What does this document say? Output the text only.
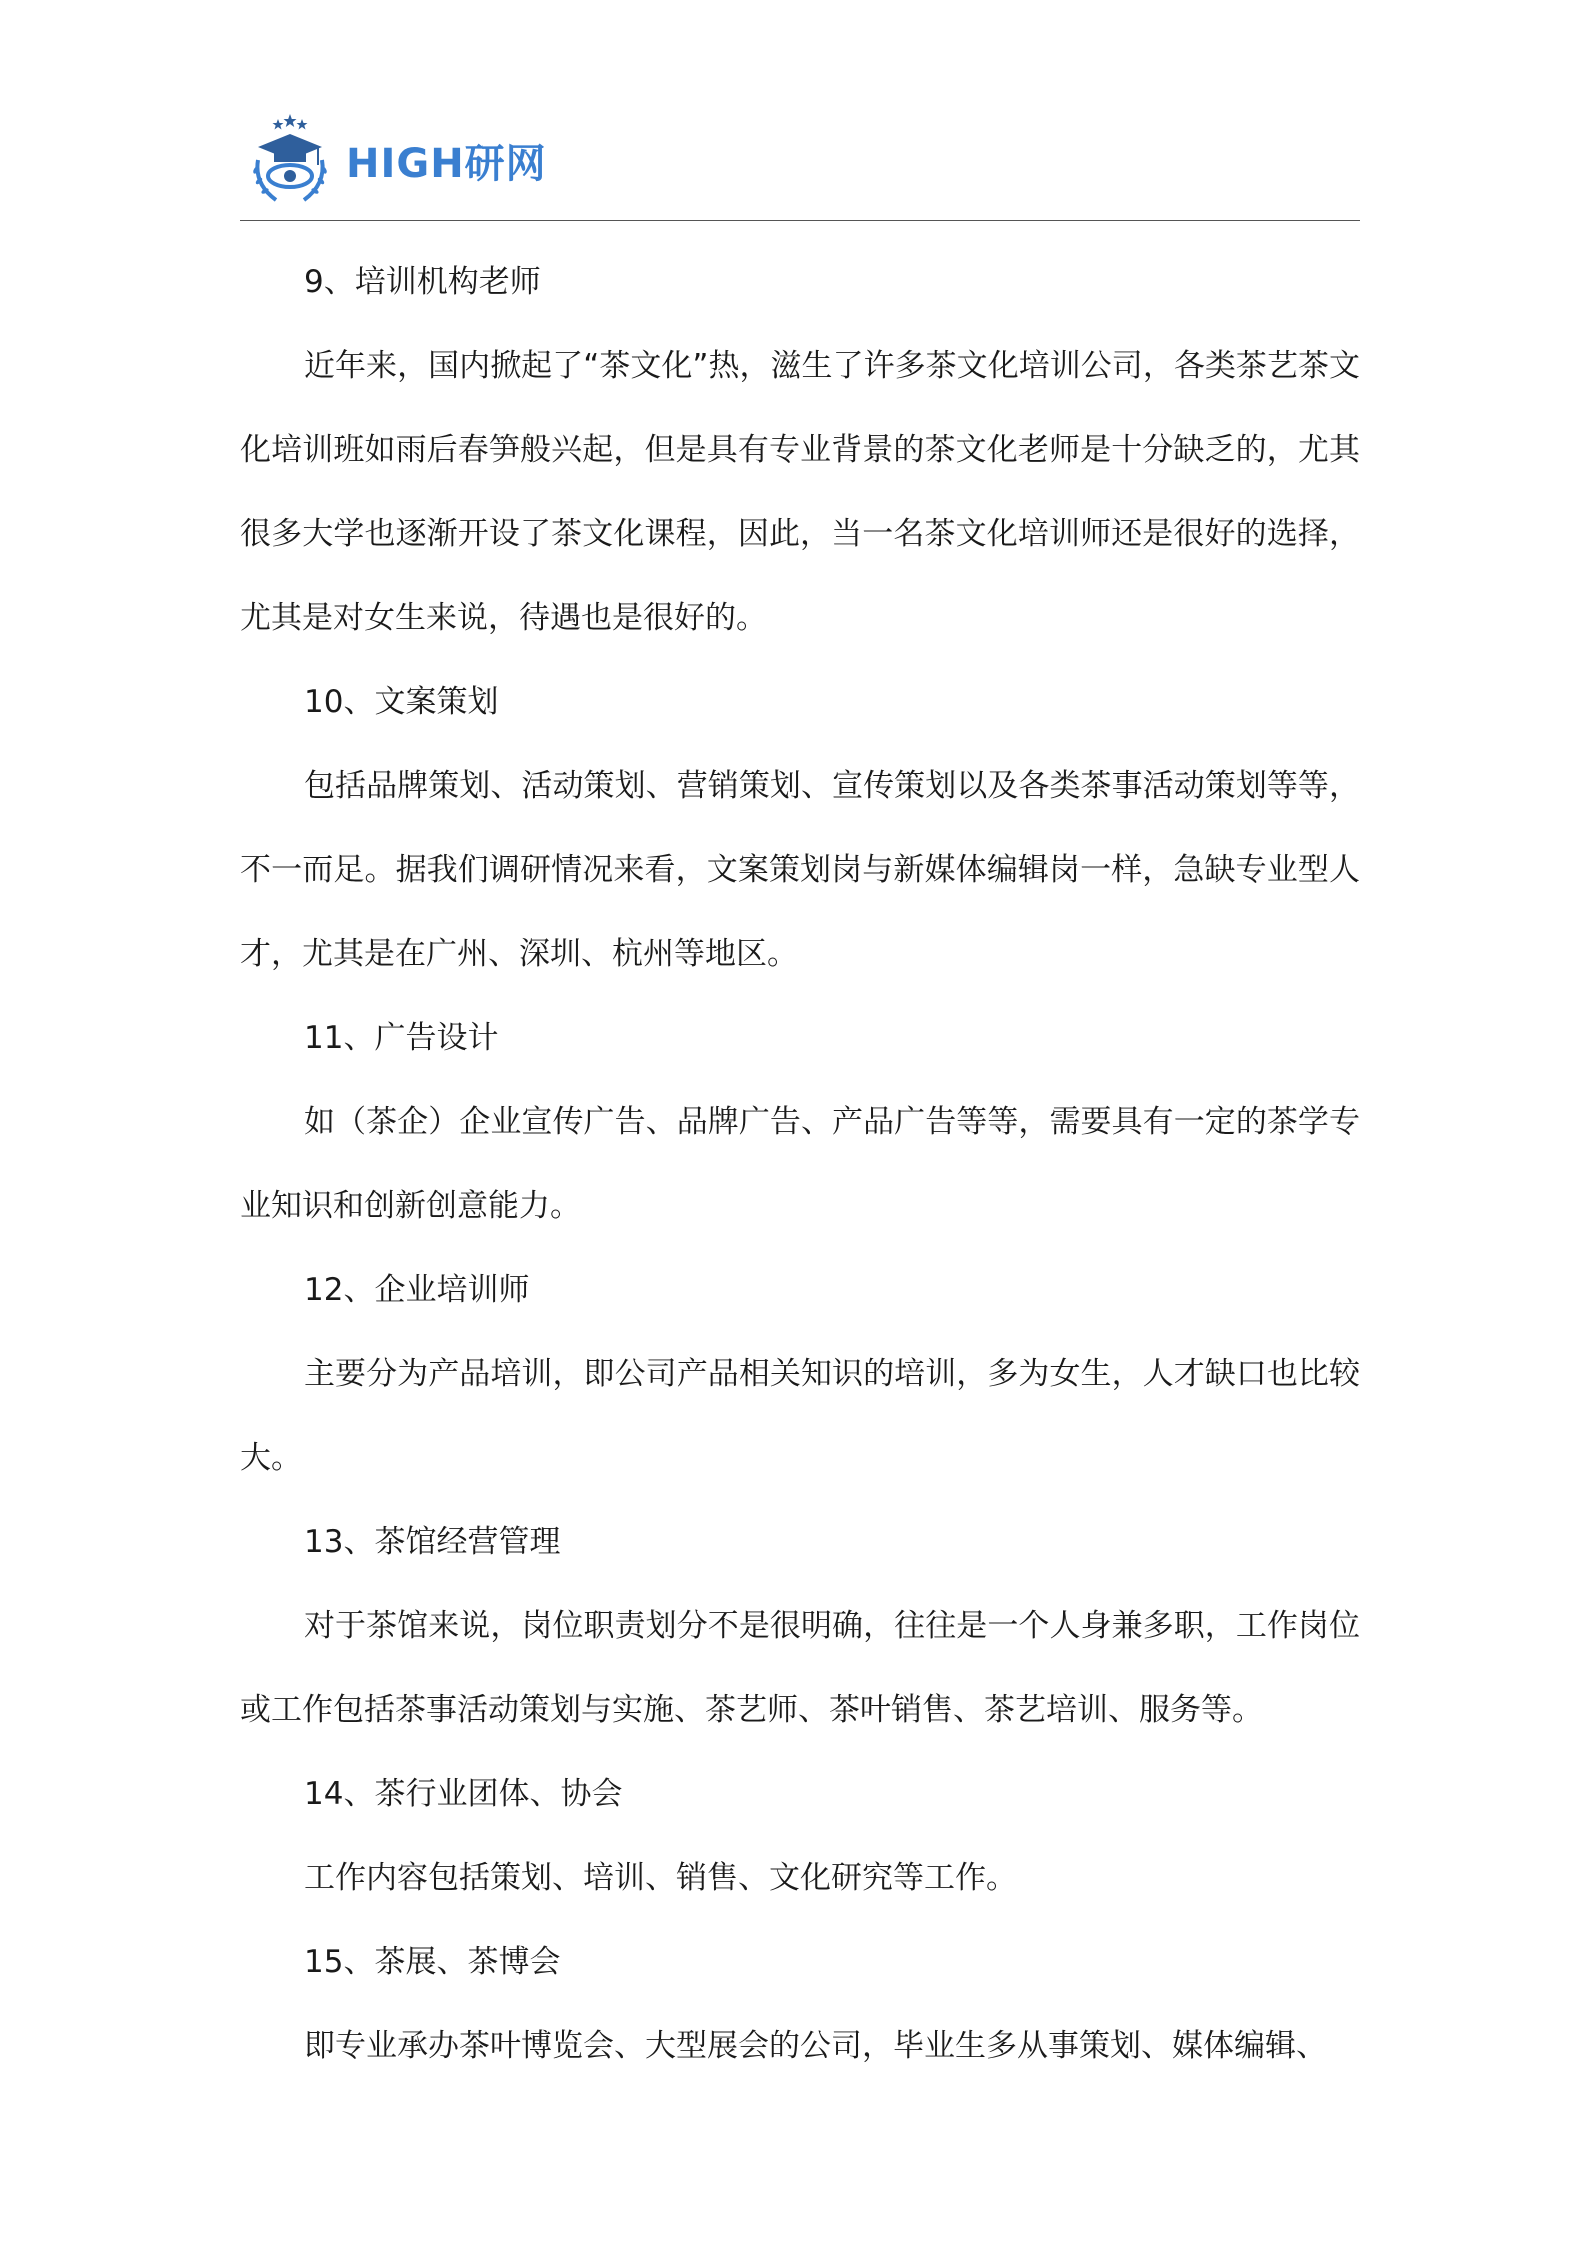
HIGH研网

9、培训机构老师

近年来，国内掀起了“茶文化”热，滋生了许多茶文化培训公司，各类茶艺茶文化培训班如雨后春笋般兴起，但是具有专业背景的茶文化老师是十分缺乏的，尤其很多大学也逐渐开设了茶文化课程，因此，当一名茶文化培训师还是很好的选择，尤其是对女生来说，待遇也是很好的。

10、文案策划

包括品牌策划、活动策划、营销策划、宣传策划以及各类茶事活动策划等等，不一而足。据我们调研情况来看，文案策划岗与新媒体编辑岗一样，急缺专业型人才，尤其是在广州、深圳、杭州等地区。

11、广告设计

如（茶企）企业宣传广告、品牌广告、产品广告等等，需要具有一定的茶学专业知识和创新创意能力。

12、企业培训师

主要分为产品培训，即公司产品相关知识的培训，多为女生，人才缺口也比较大。

13、茶馆经营管理

对于茶馆来说，岗位职责划分不是很明确，往往是一个人身兼多职，工作岗位或工作包括茶事活动策划与实施、茶艺师、茶叶销售、茶艺培训、服务等。

14、茶行业团体、协会

工作内容包括策划、培训、销售、文化研究等工作。

15、茶展、茶博会

即专业承办茶叶博览会、大型展会的公司，毕业生多从事策划、媒体编辑、
